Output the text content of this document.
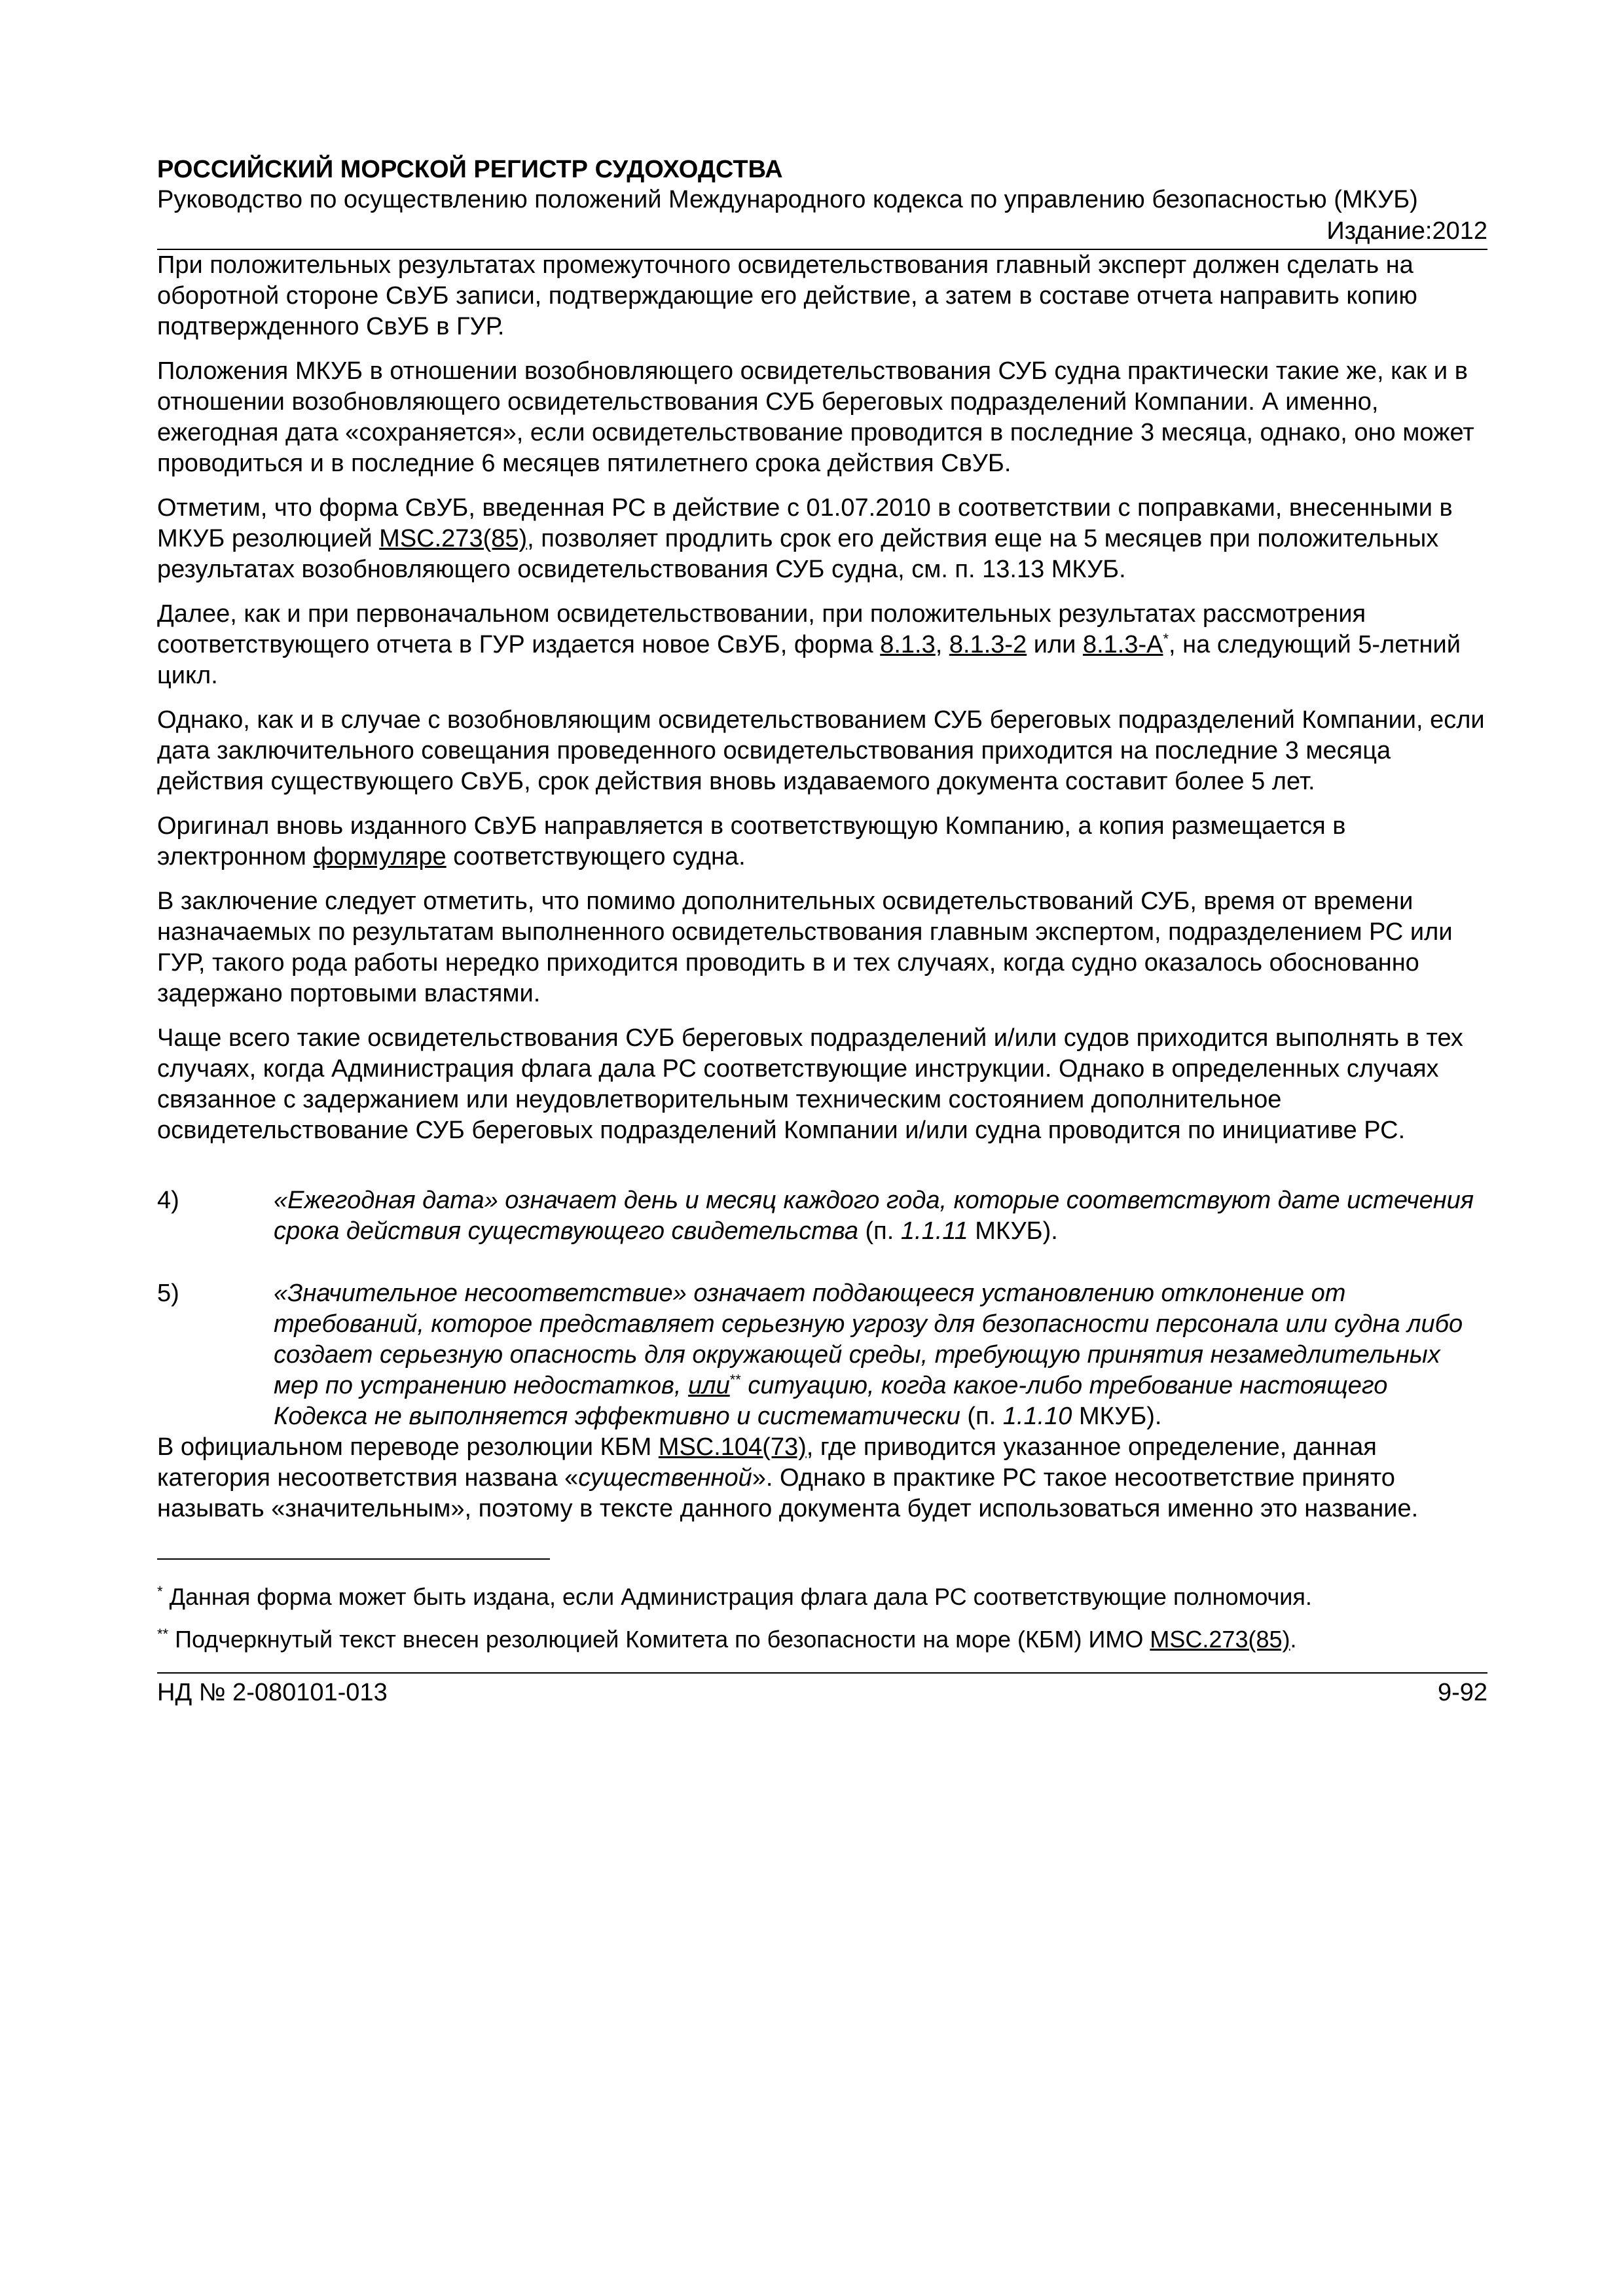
РОССИЙСКИЙ МОРСКОЙ РЕГИСТР СУДОХОДСТВА
Руководство по осуществлению положений Международного кодекса по управлению безопасностью (МКУБ)
Издание:2012

При положительных результатах промежуточного освидетельствования главный эксперт должен сделать на оборотной стороне СвУБ записи, подтверждающие его действие, а затем в составе отчета направить копию подтвержденного СвУБ в ГУР.

Положения МКУБ в отношении возобновляющего освидетельствования СУБ судна практически такие же, как и в отношении возобновляющего освидетельствования СУБ береговых подразделений Компании. А именно, ежегодная дата «сохраняется», если освидетельствование проводится в последние 3 месяца, однако, оно может проводиться и в последние 6 месяцев пятилетнего срока действия СвУБ.

Отметим, что форма СвУБ, введенная РС в действие с 01.07.2010 в соответствии с поправками, внесенными в МКУБ резолюцией MSC.273(85), позволяет продлить срок его действия еще на 5 месяцев при положительных результатах возобновляющего освидетельствования СУБ судна, см. п. 13.13 МКУБ.

Далее, как и при первоначальном освидетельствовании, при положительных результатах рассмотрения соответствующего отчета в ГУР издается новое СвУБ, форма 8.1.3, 8.1.3-2 или 8.1.3-А*, на следующий 5-летний цикл.

Однако, как и в случае с возобновляющим освидетельствованием СУБ береговых подразделений Компании, если дата заключительного совещания проведенного освидетельствования приходится на последние 3 месяца действия существующего СвУБ, срок действия вновь издаваемого документа составит более 5 лет.

Оригинал вновь изданного СвУБ направляется в соответствующую Компанию, а копия размещается в электронном формуляре соответствующего судна.

В заключение следует отметить, что помимо дополнительных освидетельствований СУБ, время от времени назначаемых по результатам выполненного освидетельствования главным экспертом, подразделением РС или ГУР, такого рода работы нередко приходится проводить в и тех случаях, когда судно оказалось обоснованно задержано портовыми властями.

Чаще всего такие освидетельствования СУБ береговых подразделений и/или судов приходится выполнять в тех случаях, когда Администрация флага дала РС соответствующие инструкции. Однако в определенных случаях связанное с задержанием или неудовлетворительным техническим состоянием дополнительное освидетельствование СУБ береговых подразделений Компании и/или судна проводится по инициативе РС.

4)	«Ежегодная дата» означает день и месяц каждого года, которые соответствуют дате истечения срока действия существующего свидетельства (п. 1.1.11 МКУБ).
5)	«Значительное несоответствие» означает поддающееся установлению отклонение от требований, которое представляет серьезную угрозу для безопасности персонала или судна либо создает серьезную опасность для окружающей среды, требующую принятия незамедлительных мер по устранению недостатков, или** ситуацию, когда какое-либо требование настоящего Кодекса не выполняется эффективно и систематически (п. 1.1.10 МКУБ).

В официальном переводе резолюции КБМ MSC.104(73), где приводится указанное определение, данная категория несоответствия названа «существенной». Однако в практике РС такое несоответствие принято называть «значительным», поэтому в тексте данного документа будет использоваться именно это название.

* Данная форма может быть издана, если Администрация флага дала РС соответствующие полномочия.
** Подчеркнутый текст внесен резолюцией Комитета по безопасности на море (КБМ) ИМО MSC.273(85).
НД № 2-080101-013	9-92
